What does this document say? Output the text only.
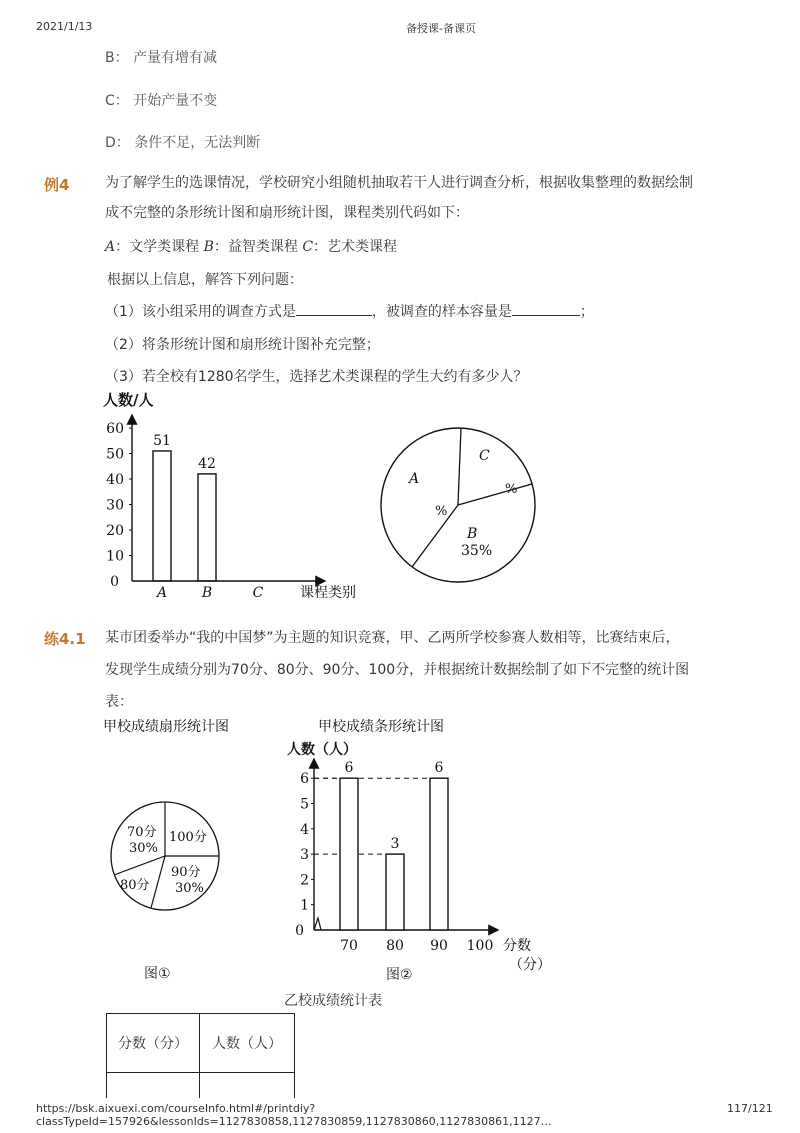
2021/1/13	备授课-备课页
B： 产量有增有减
C： 开始产量不变
D： 条件不足，无法判断
例4	为了解学生的选课情况，学校研究小组随机抽取若干人进行调查分析，根据收集整理的数据绘制
成不完整的条形统计图和扇形统计图，课程类别代码如下：
A：文学类课程 B：益智类课程 C：艺术类课程
根据以上信息，解答下列问题：
（1）该小组采用的调查方式是	，被调查的样本容量是	；
（2）将条形统计图和扇形统计图补充完整；
（3）若全校有1280名学生，选择艺术类课程的学生大约有多少人？
人数/人
0
10
20
30
40
50
60
A
51
B
42
C	课程类别
A
%
C
%
B
35%
练4.1 某市团委举办“我的中国梦”为主题的知识竞赛，甲、乙两所学校参赛人数相等，比赛结束后，
发现学生成绩分别为70分、80分、90分、100分，并根据统计数据绘制了如下不完整的统计图
表：
甲校成绩扇形统计图
100分
90分
30%
80分
70分
30%
图①
甲校成绩条形统计图
人数（人）
0
1
2
3
4
5
6
70
6
80
3
90
6
100 分数
（分）
图②
乙校成绩统计表
分数（分）	人数（人）

https://bsk.aixuexi.com/courseInfo.html#/printdiy?classTypeId=157926&lessonIds=1127830858,1127830859,1127830860,1127830861,1127…
117/121
